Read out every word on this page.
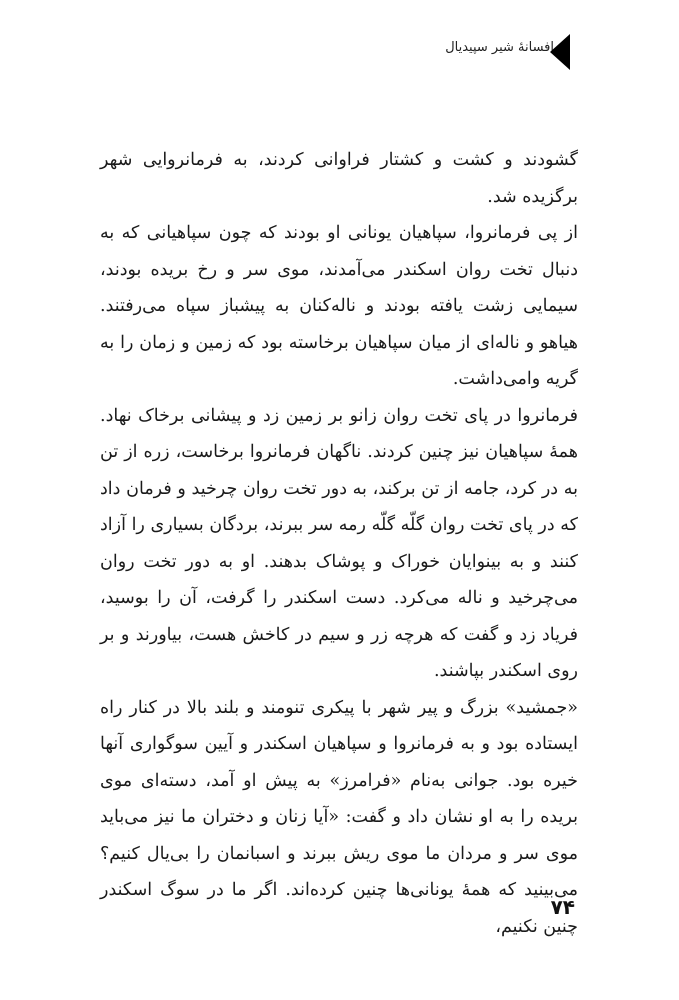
افسانهٔ شیر سپیدیال

گشودند و کشت و کشتار فراوانی کردند، به فرمانروایی شهر برگزیده شد.

از پی فرمانروا، سپاهیان یونانی او بودند که چون سپاهیانی که به دنبال تخت روان اسکندر می‌آمدند، موی سر و رخ بریده بودند، سیمایی زشت یافته بودند و ناله‌کنان به پیشباز سپاه می‌رفتند. هیاهو و ناله‌ای از میان سپاهیان برخاسته بود که زمین و زمان را به گریه وامی‌داشت.

فرمانروا در پای تخت روان زانو بر زمین زد و پیشانی برخاک نهاد. همهٔ سپاهیان نیز چنین کردند. ناگهان فرمانروا برخاست، زره از تن به در کرد، جامه از تن برکند، به دور تخت روان چرخید و فرمان داد که در پای تخت روان گلّه گلّه رمه سر ببرند، بردگان بسیاری را آزاد کنند و به بینوایان خوراک و پوشاک بدهند. او به دور تخت روان می‌چرخید و ناله می‌کرد. دست اسکندر را گرفت، آن را بوسید، فریاد زد و گفت که هرچه زر و سیم در کاخش هست، بیاورند و بر روی اسکندر بپاشند.

«جمشید» بزرگ و پیر شهر با پیکری تنومند و بلند بالا در کنار راه ایستاده بود و به فرمانروا و سپاهیان اسکندر و آیین سوگواری آنها خیره بود. جوانی به‌نام «فرامرز» به پیش او آمد، دسته‌ای موی بریده را به او نشان داد و گفت: «آیا زنان و دختران ما نیز می‌باید موی سر و مردان ما موی ریش ببرند و اسبانمان را بی‌یال کنیم؟ می‌بینید که همهٔ یونانی‌ها چنین کرده‌اند. اگر ما در سوگ اسکندر چنین نکنیم،

۷۴
